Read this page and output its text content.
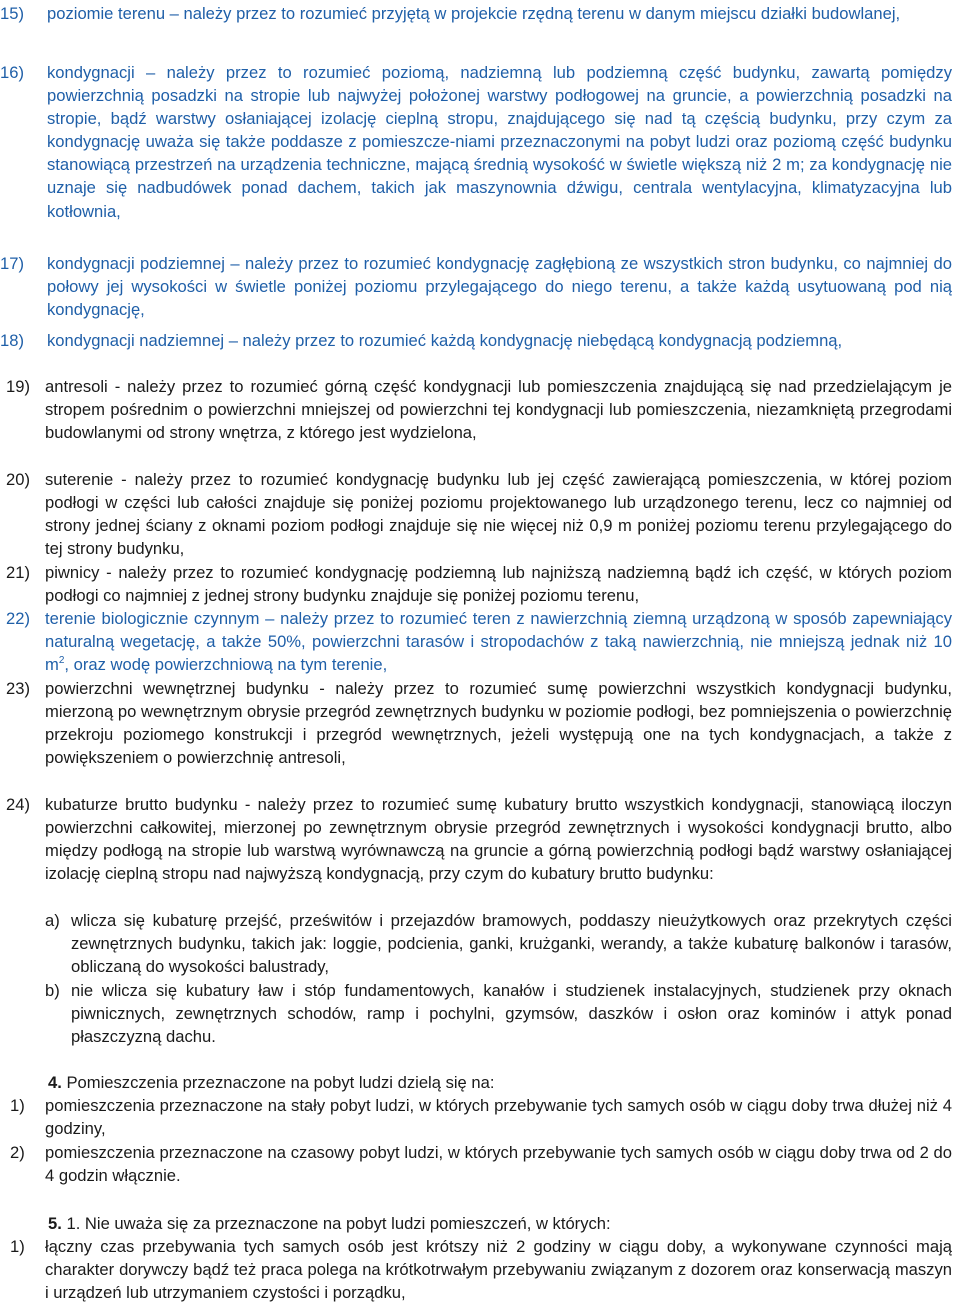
15) poziomie terenu – należy przez to rozumieć przyjętą w projekcie rzędną terenu w danym miejscu działki budowlanej,

16) kondygnacji – należy przez to rozumieć poziomą, nadziemną lub podziemną część budynku, zawartą pomiędzy powierzchnią posadzki na stropie lub najwyżej położonej warstwy podłogowej na gruncie, a powierzchnią posadzki na stropie, bądź warstwy osłaniającej izolację cieplną stropu, znajdującego się nad tą częścią budynku, przy czym za kondygnację uważa się także poddasze z pomieszcze-niami przeznaczonymi na pobyt ludzi oraz poziomą część budynku stanowiącą przestrzeń na urządzenia techniczne, mającą średnią wysokość w świetle większą niż 2 m; za kondygnację nie uznaje się nadbudówek ponad dachem, takich jak maszynownia dźwigu, centrala wentylacyjna, klimatyzacyjna lub kotłownia,

17) kondygnacji podziemnej – należy przez to rozumieć kondygnację zagłębioną ze wszystkich stron budynku, co najmniej do połowy jej wysokości w świetle poniżej poziomu przylegającego do niego terenu, a także każdą usytuowaną pod nią kondygnację,

18) kondygnacji nadziemnej – należy przez to rozumieć każdą kondygnację niebędącą kondygnacją podziemną,

19) antresoli - należy przez to rozumieć górną część kondygnacji lub pomieszczenia znajdującą się nad przedzielającym je stropem pośrednim o powierzchni mniejszej od powierzchni tej kondygnacji lub pomieszczenia, niezamkniętą przegrodami budowlanymi od strony wnętrza, z którego jest wydzielona,

20) suterenie - należy przez to rozumieć kondygnację budynku lub jej część zawierającą pomieszczenia, w której poziom podłogi w części lub całości znajduje się poniżej poziomu projektowanego lub urządzonego terenu, lecz co najmniej od strony jednej ściany z oknami poziom podłogi znajduje się nie więcej niż 0,9 m poniżej poziomu terenu przylegającego do tej strony budynku,

21) piwnicy - należy przez to rozumieć kondygnację podziemną lub najniższą nadziemną bądź ich część, w których poziom podłogi co najmniej z jednej strony budynku znajduje się poniżej poziomu terenu,

22) terenie biologicznie czynnym – należy przez to rozumieć teren z nawierzchnią ziemną urządzoną w sposób zapewniający naturalną wegetację, a także 50%, powierzchni tarasów i stropodachów z taką nawierzchnią, nie mniejszą jednak niż 10 $m^2$, oraz wodę powierzchniową na tym terenie,

23) powierzchni wewnętrznej budynku - należy przez to rozumieć sumę powierzchni wszystkich kondygnacji budynku, mierzoną po wewnętrznym obrysie przegród zewnętrznych budynku w poziomie podłogi, bez pomniejszenia o powierzchnię przekroju poziomego konstrukcji i przegród wewnętrznych, jeżeli występują one na tych kondygnacjach, a także z powiększeniem o powierzchnię antresoli,

24) kubaturze brutto budynku - należy przez to rozumieć sumę kubatury brutto wszystkich kondygnacji, stanowiącą iloczyn powierzchni całkowitej, mierzonej po zewnętrznym obrysie przegród zewnętrznych i wysokości kondygnacji brutto, albo między podłogą na stropie lub warstwą wyrównawczą na gruncie a górną powierzchnią podłogi bądź warstwy osłaniającej izolację cieplną stropu nad najwyższą kondygnacją, przy czym do kubatury brutto budynku:

a) wlicza się kubaturę przejść, prześwitów i przejazdów bramowych, poddaszy nieużytkowych oraz przekrytych części zewnętrznych budynku, takich jak: loggie, podcienia, ganki, krużganki, werandy, a także kubaturę balkonów i tarasów, obliczaną do wysokości balustrady,

b) nie wlicza się kubatury ław i stóp fundamentowych, kanałów i studzienek instalacyjnych, studzienek przy oknach piwnicznych, zewnętrznych schodów, ramp i pochylni, gzymsów, daszków i osłon oraz kominów i attyk ponad płaszczyzną dachu.

4. Pomieszczenia przeznaczone na pobyt ludzi dzielą się na:
1) pomieszczenia przeznaczone na stały pobyt ludzi, w których przebywanie tych samych osób w ciągu doby trwa dłużej niż 4 godziny,

2) pomieszczenia przeznaczone na czasowy pobyt ludzi, w których przebywanie tych samych osób w ciągu doby trwa od 2 do 4 godzin włącznie.

5. 1. Nie uważa się za przeznaczone na pobyt ludzi pomieszczeń, w których:
1) łączny czas przebywania tych samych osób jest krótszy niż 2 godziny w ciągu doby, a wykonywane czynności mają charakter dorywczy bądź też praca polega na krótkotrwałym przebywaniu związanym z dozorem oraz konserwacją maszyn i urządzeń lub utrzymaniem czystości i porządku,
